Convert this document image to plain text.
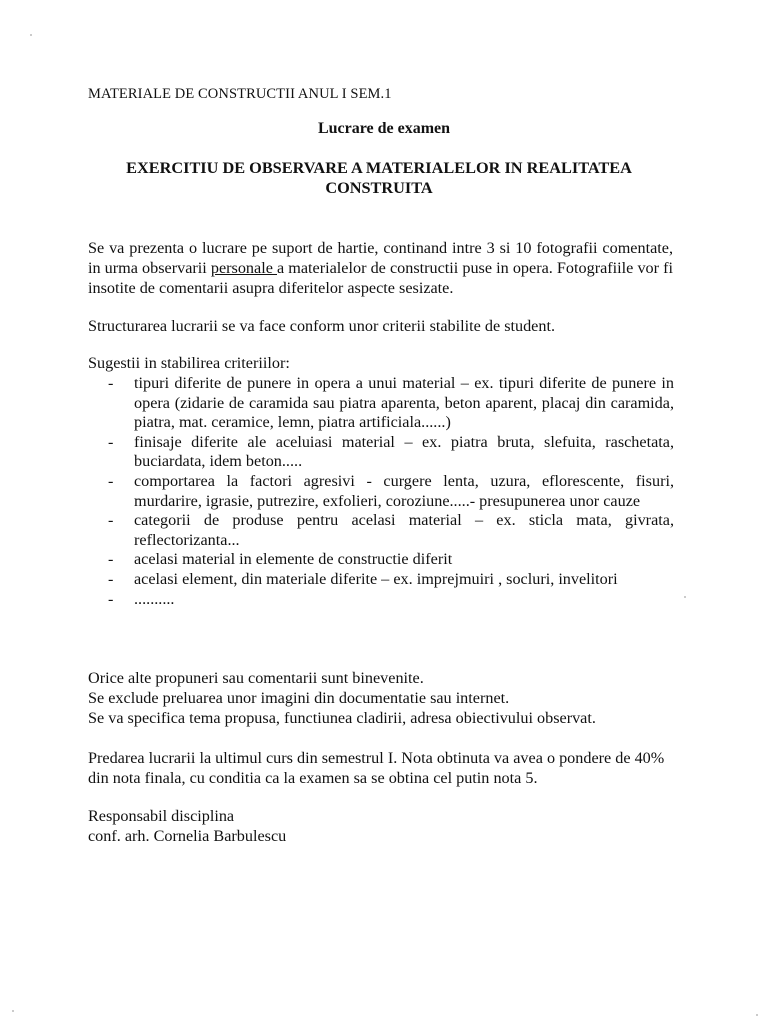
MATERIALE DE CONSTRUCTII ANUL I SEM.1
Lucrare de examen
EXERCITIU DE OBSERVARE A MATERIALELOR IN REALITATEA
CONSTRUITA
Se va prezenta o lucrare pe suport de hartie, continand intre 3 si 10 fotografii comentate, in urma observarii personale a materialelor de constructii puse in opera. Fotografiile vor fi insotite de comentarii asupra diferitelor aspecte sesizate.
Structurarea lucrarii se va face conform unor criterii stabilite de student.
Sugestii in stabilirea criteriilor:
- tipuri diferite de punere in opera a unui material – ex. tipuri diferite de punere in opera (zidarie de caramida sau piatra aparenta, beton aparent, placaj din caramida, piatra, mat. ceramice, lemn, piatra artificiala......)
- finisaje diferite ale aceluiasi material – ex. piatra bruta, slefuita, raschetata, buciardata, idem beton.....
- comportarea la factori agresivi - curgere lenta, uzura, eflorescente, fisuri, murdarire, igrasie, putrezire, exfolieri, coroziune.....- presupunerea unor cauze
- categorii de produse pentru acelasi material – ex. sticla mata, givrata, reflectorizanta...
- acelasi material in elemente de constructie diferit
- acelasi element, din materiale diferite – ex. imprejmuiri , socluri, invelitori
- ..........
Orice alte propuneri sau comentarii sunt binevenite.
Se exclude preluarea unor imagini din documentatie sau internet.
Se va specifica tema propusa, functiunea cladirii, adresa obiectivului observat.
Predarea lucrarii la ultimul curs din semestrul I. Nota obtinuta va avea o pondere de 40% din nota finala, cu conditia ca la examen sa se obtina cel putin nota 5.
Responsabil disciplina
conf. arh. Cornelia Barbulescu
